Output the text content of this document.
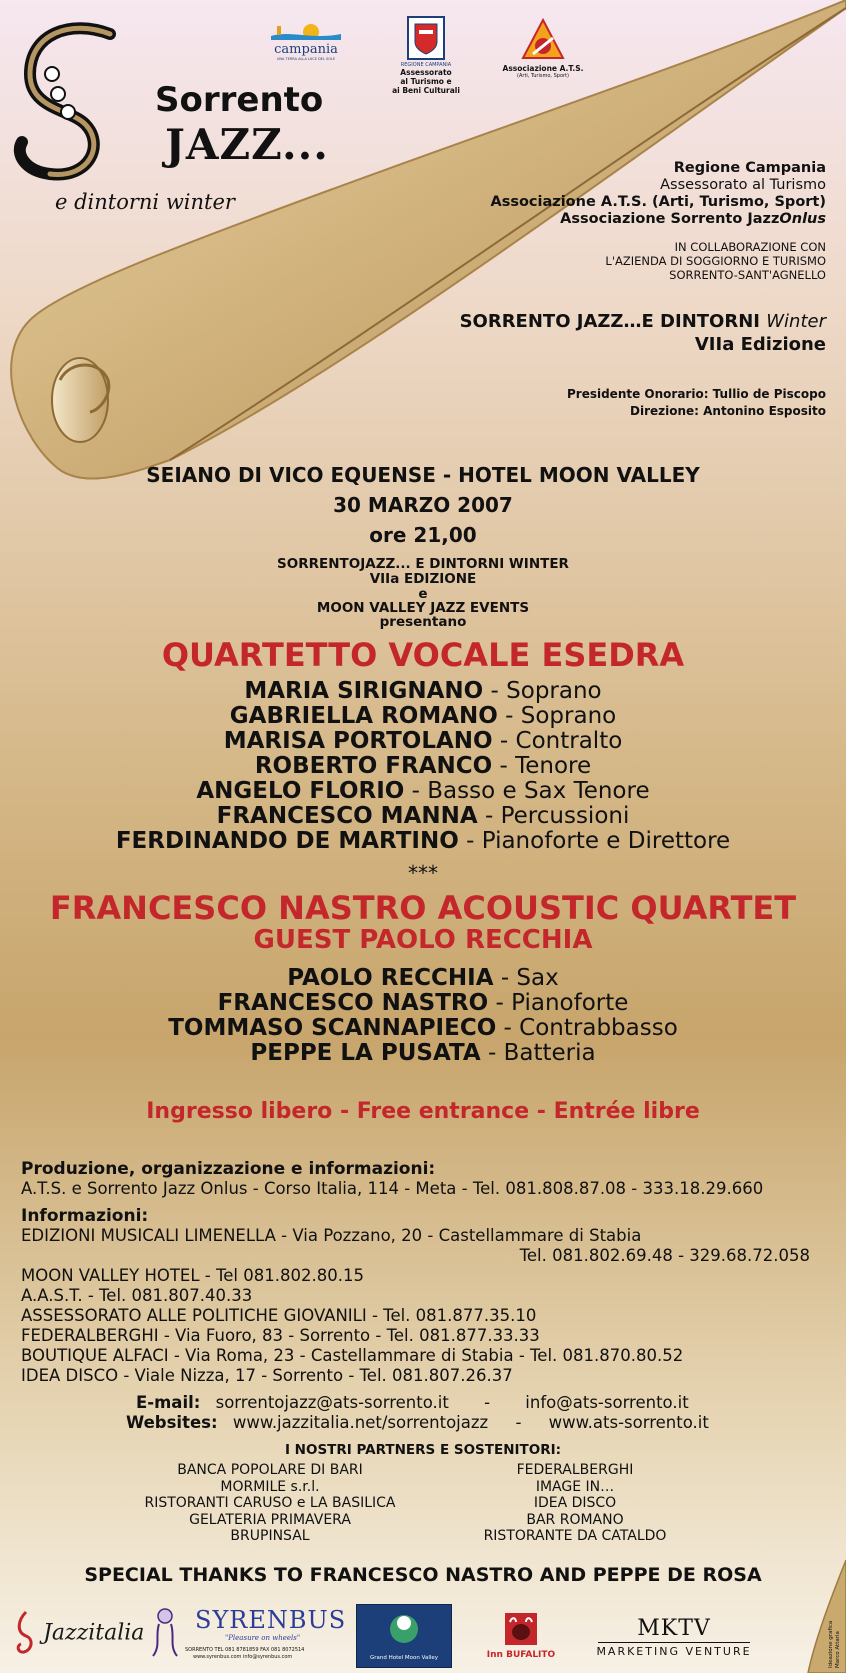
Sorrento
JAZZ...
e dintorni winter
campania
UNA TERRA ALLA LUCE DEL SOLE
REGIONE CAMPANIA
Assessorato
al Turismo e
ai Beni Culturali
Associazione A.T.S.
(Arti, Turismo, Sport)
Regione Campania
Assessorato al Turismo
Associazione A.T.S. (Arti, Turismo, Sport)
Associazione Sorrento JazzOnlus
IN COLLABORAZIONE CON
L'AZIENDA DI SOGGIORNO E TURISMO
SORRENTO-SANT'AGNELLO
SORRENTO JAZZ…E DINTORNI Winter
VIIa Edizione
Presidente Onorario: Tullio de Piscopo
Direzione: Antonino Esposito
SEIANO DI VICO EQUENSE - HOTEL MOON VALLEY
30 MARZO 2007
ore 21,00
SORRENTOJAZZ... E DINTORNI WINTER
VIIa EDIZIONE
e
MOON VALLEY JAZZ EVENTS
presentano
QUARTETTO VOCALE ESEDRA
MARIA SIRIGNANO - Soprano
GABRIELLA ROMANO - Soprano
MARISA PORTOLANO - Contralto
ROBERTO FRANCO - Tenore
ANGELO FLORIO - Basso e Sax Tenore
FRANCESCO MANNA - Percussioni
FERDINANDO DE MARTINO - Pianoforte e Direttore
***
FRANCESCO NASTRO ACOUSTIC QUARTET
GUEST PAOLO RECCHIA
PAOLO RECCHIA - Sax
FRANCESCO NASTRO - Pianoforte
TOMMASO SCANNAPIECO - Contrabbasso
PEPPE LA PUSATA - Batteria
Ingresso libero - Free entrance - Entrée libre
Produzione, organizzazione e informazioni:
A.T.S. e Sorrento Jazz Onlus - Corso Italia, 114 - Meta - Tel. 081.808.87.08 - 333.18.29.660
Informazioni:
EDIZIONI MUSICALI LIMENELLA - Via Pozzano, 20 - Castellammare di Stabia
Tel. 081.802.69.48 - 329.68.72.058
MOON VALLEY HOTEL - Tel 081.802.80.15
A.A.S.T. - Tel. 081.807.40.33
ASSESSORATO ALLE POLITICHE GIOVANILI - Tel. 081.877.35.10
FEDERALBERGHI - Via Fuoro, 83 - Sorrento - Tel. 081.877.33.33
BOUTIQUE ALFACI - Via Roma, 23 - Castellammare di Stabia - Tel. 081.870.80.52
IDEA DISCO - Viale Nizza, 17 - Sorrento - Tel. 081.807.26.37
E-mail: sorrentojazz@ats-sorrento.it - info@ats-sorrento.it
Websites: www.jazzitalia.net/sorrentojazz - www.ats-sorrento.it
I NOSTRI PARTNERS E SOSTENITORI:
BANCA POPOLARE DI BARI
MORMILE s.r.l.
RISTORANTI CARUSO e LA BASILICA
GELATERIA PRIMAVERA
BRUPINSAL
FEDERALBERGHI
IMAGE IN…
IDEA DISCO
BAR ROMANO
RISTORANTE DA CATALDO
SPECIAL THANKS TO FRANCESCO NASTRO AND PEPPE DE ROSA
Jazzitalia SYRENBUS
"Pleasure on wheels"
SORRENTO TEL 081 8781859 FAX 081 8072514
www.syrenbus.com info@syrenbus.com	Grand Hotel Moon Valley	Inn BUFALITO
MKTV
MARKETING VENTURE	Ideazione grafica Marco Attaria
